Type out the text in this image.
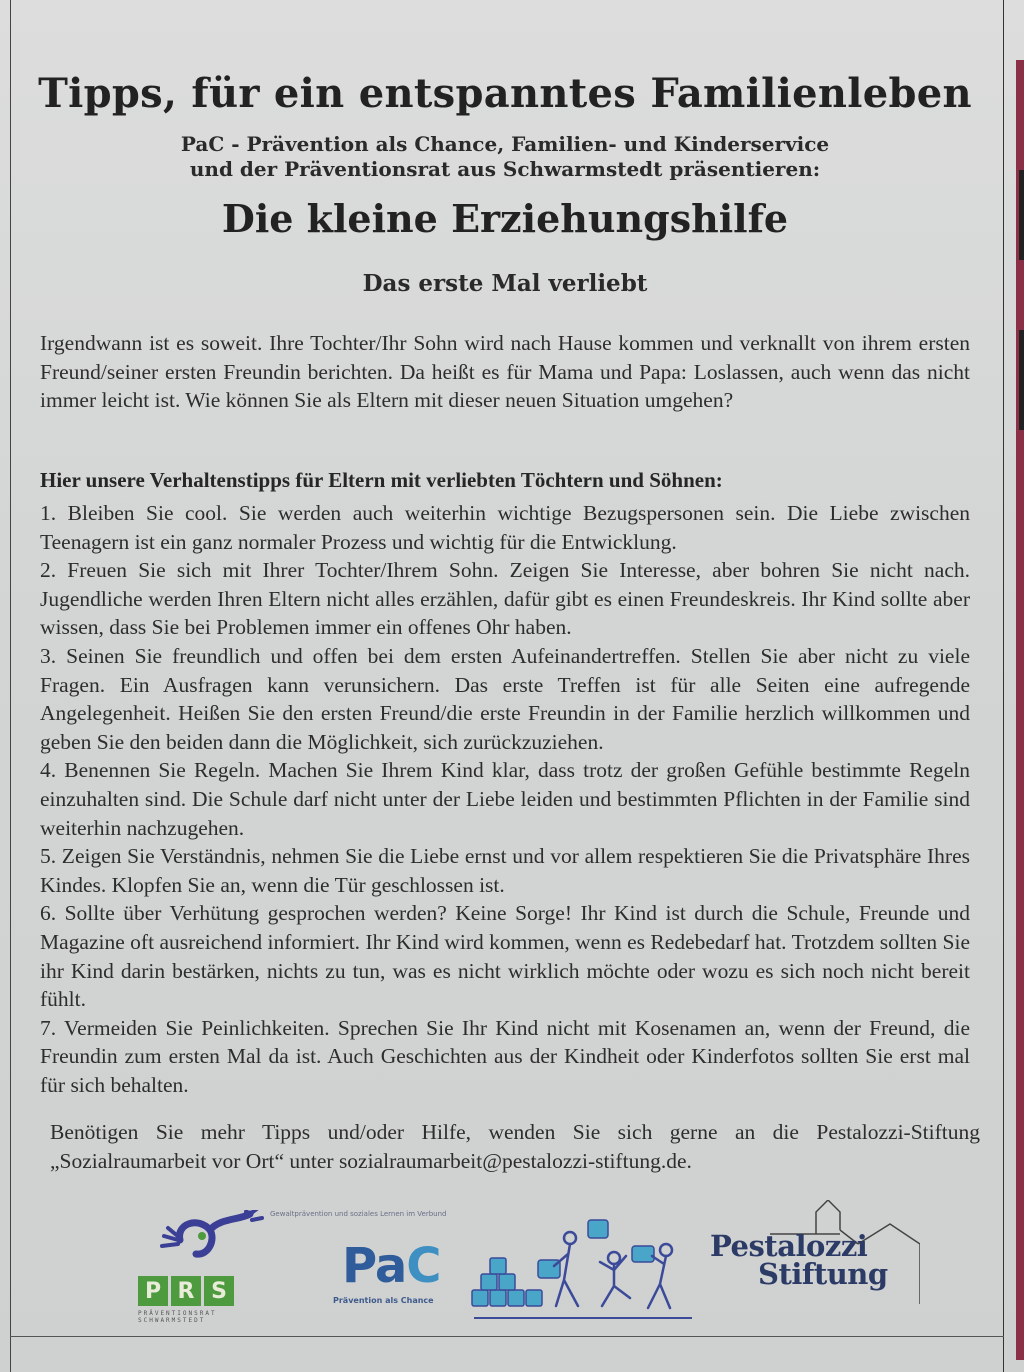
Tipps, für ein entspanntes Familienleben
PaC - Prävention als Chance, Familien- und Kinderservice
und der Präventionsrat aus Schwarmstedt präsentieren:
Die kleine Erziehungshilfe
Das erste Mal verliebt
Irgendwann ist es soweit. Ihre Tochter/Ihr Sohn wird nach Hause kommen und verknallt von ihrem ersten Freund/seiner ersten Freundin berichten. Da heißt es für Mama und Papa: Loslassen, auch wenn das nicht immer leicht ist. Wie können Sie als Eltern mit dieser neuen Situation umgehen?
Hier unsere Verhaltenstipps für Eltern mit verliebten Töchtern und Söhnen:

1. Bleiben Sie cool. Sie werden auch weiterhin wichtige Bezugspersonen sein. Die Liebe zwischen Teenagern ist ein ganz normaler Prozess und wichtig für die Entwicklung.

2. Freuen Sie sich mit Ihrer Tochter/Ihrem Sohn. Zeigen Sie Interesse, aber bohren Sie nicht nach. Jugendliche werden Ihren Eltern nicht alles erzählen, dafür gibt es einen Freundeskreis. Ihr Kind sollte aber wissen, dass Sie bei Problemen immer ein offenes Ohr haben.

3. Seinen Sie freundlich und offen bei dem ersten Aufeinandertreffen. Stellen Sie aber nicht zu viele Fragen. Ein Ausfragen kann verunsichern. Das erste Treffen ist für alle Seiten eine aufregende Angelegenheit. Heißen Sie den ersten Freund/die erste Freundin in der Familie herzlich willkommen und geben Sie den beiden dann die Möglichkeit, sich zurückzuziehen.

4. Benennen Sie Regeln. Machen Sie Ihrem Kind klar, dass trotz der großen Gefühle bestimmte Regeln einzuhalten sind. Die Schule darf nicht unter der Liebe leiden und bestimmten Pflichten in der Familie sind weiterhin nachzugehen.

5. Zeigen Sie Verständnis, nehmen Sie die Liebe ernst und vor allem respektieren Sie die Privatsphäre Ihres Kindes. Klopfen Sie an, wenn die Tür geschlossen ist.

6. Sollte über Verhütung gesprochen werden? Keine Sorge! Ihr Kind ist durch die Schule, Freunde und Magazine oft ausreichend informiert. Ihr Kind wird kommen, wenn es Redebedarf hat. Trotzdem sollten Sie ihr Kind darin bestärken, nichts zu tun, was es nicht wirklich möchte oder wozu es sich noch nicht bereit fühlt.

7. Vermeiden Sie Peinlichkeiten. Sprechen Sie Ihr Kind nicht mit Kosenamen an, wenn der Freund, die Freundin zum ersten Mal da ist. Auch Geschichten aus der Kindheit oder Kinderfotos sollten Sie erst mal für sich behalten.

Benötigen Sie mehr Tipps und/oder Hilfe, wenden Sie sich gerne an die Pestalozzi-Stiftung „Sozialraumarbeit vor Ort“ unter sozialraumarbeit@pestalozzi-stiftung.de.
P R S
PRÄVENTIONSRAT
SCHWARMSTEDT
Gewaltprävention und soziales Lernen im Verbund
PaC
Prävention als Chance
Pestalozzi
Stiftung
